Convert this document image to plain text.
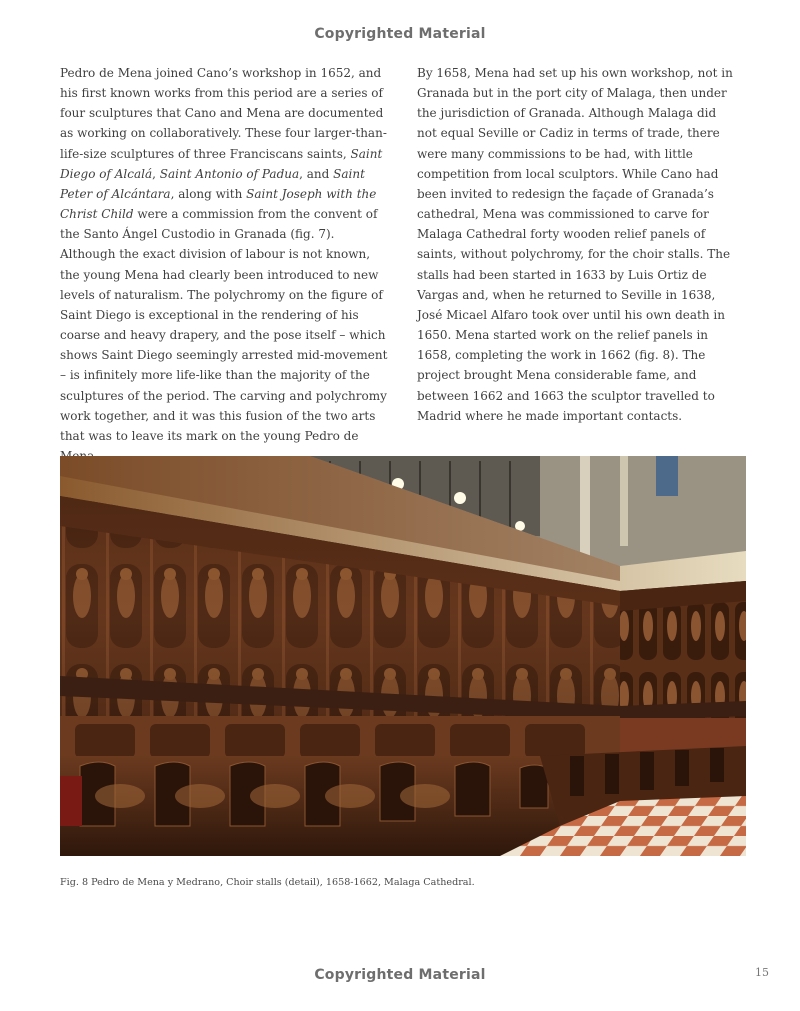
Copyrighted Material

Pedro de Mena joined Cano’s workshop in 1652, and his first known works from this period are a series of four sculptures that Cano and Mena are documented as working on collaboratively. These four larger-than-life-size sculptures of three Franciscans saints, Saint Diego of Alcalá, Saint Antonio of Padua, and Saint Peter of Alcántara, along with Saint Joseph with the Christ Child were a commission from the convent of the Santo Ángel Custodio in Granada (fig. 7). Although the exact division of labour is not known, the young Mena had clearly been introduced to new levels of naturalism. The polychromy on the figure of Saint Diego is exceptional in the rendering of his coarse and heavy drapery, and the pose itself – which shows Saint Diego seemingly arrested mid-movement – is infinitely more life-like than the majority of the sculptures of the period. The carving and polychromy work together, and it was this fusion of the two arts that was to leave its mark on the young Pedro de

By 1658, Mena had set up his own workshop, not in Granada but in the port city of Malaga, then under the jurisdiction of Granada. Although Malaga did not equal Seville or Cadiz in terms of trade, there were many commissions to be had, with little competition from local sculptors. While Cano had been invited to redesign the façade of Granada’s cathedral, Mena was commissioned to carve for Malaga Cathedral forty wooden relief panels of saints, without polychromy, for the choir stalls. The stalls had been started in 1633 by Luis Ortiz de Vargas and, when he returned to Seville in 1638, José Micael Alfaro took over until his own death in 1650. Mena started work on the relief panels in 1658, completing the work in 1662 (fig. 8). The project brought Mena considerable fame, and between 1662 and 1663 the sculptor travelled to Madrid where he made important contacts.

Fig. 8 Pedro de Mena y Medrano, Choir stalls (detail), 1658-1662, Malaga Cathedral.
Copyrighted Material	15
